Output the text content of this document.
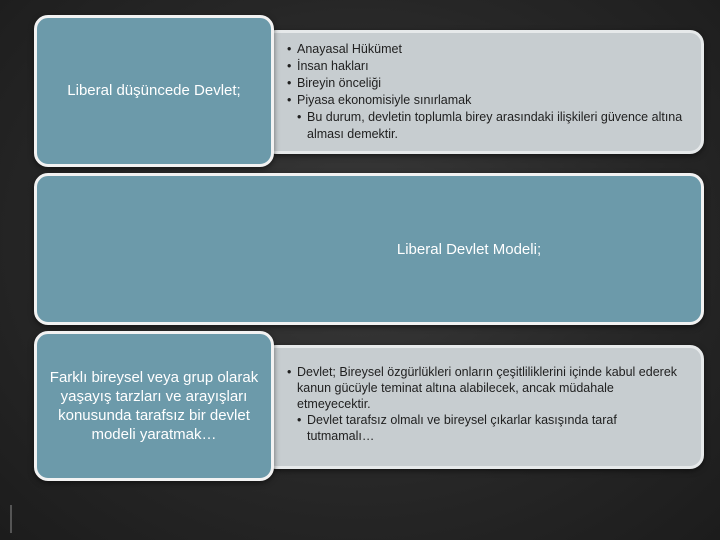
• Anayasal Hükümet
• İnsan hakları
• Bireyin önceliği
• Piyasa ekonomisiyle sınırlamak
• Bu durum, devletin toplumla birey arasındaki ilişkileri güvence altına alması demektir.
Liberal düşüncede Devlet;
Liberal Devlet Modeli;
• Devlet; Bireysel özgürlükleri onların çeşitliliklerini içinde kabul ederek kanun gücüyle teminat altına alabilecek, ancak müdahale etmeyecektir.
• Devlet tarafsız olmalı ve bireysel çıkarlar kasışında taraf tutmamalı…
Farklı bireysel veya grup olarak yaşayış tarzları ve arayışları konusunda tarafsız bir devlet modeli yaratmak…
